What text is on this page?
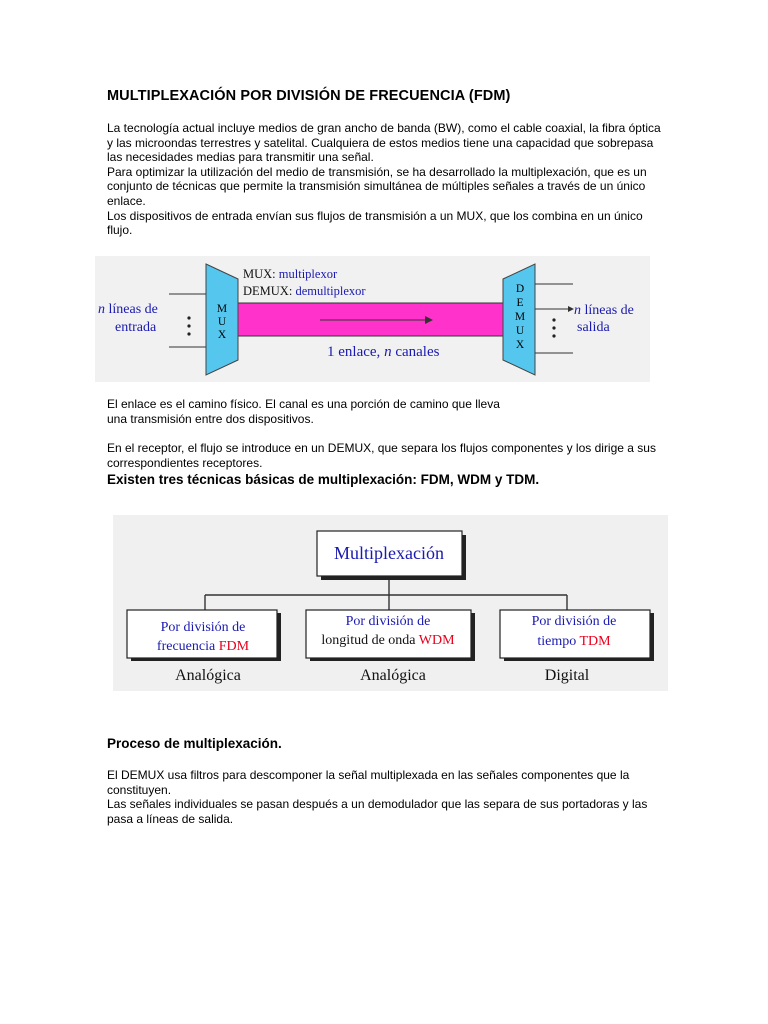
MULTIPLEXACIÓN POR DIVISIÓN DE FRECUENCIA (FDM)

La tecnología actual incluye medios de gran ancho de banda (BW), como el cable coaxial, la fibra óptica y las microondas terrestres y satelital. Cualquiera de estos medios tiene una capacidad que sobrepasa las necesidades medias para transmitir una señal.

Para optimizar la utilización del medio de transmisión, se ha desarrollado la multiplexación, que es un conjunto de técnicas que permite la transmisión simultánea de múltiples señales a través de un único enlace.

Los dispositivos de entrada envían sus flujos de transmisión a un MUX, que los combina en un único flujo.

M
U
X
D
E
M
U
X
MUX: multiplexor
DEMUX: demultiplexor
n líneas de
entrada
n líneas de
salida
1 enlace, n canales

El enlace es el camino físico. El canal es una porción de camino que lleva una transmisión entre dos dispositivos.

En el receptor, el flujo se introduce en un DEMUX, que separa los flujos componentes y los dirige a sus correspondientes receptores.

Existen tres técnicas básicas de multiplexación: FDM, WDM y TDM.
Multiplexación
Por división de
frecuencia FDM
Analógica
Por división de
longitud de onda WDM
Analógica
Por división de
tiempo TDM
Digital
Proceso de multiplexación.

El DEMUX usa filtros para descomponer la señal multiplexada en las señales componentes que la constituyen.

Las señales individuales se pasan después a un demodulador que las separa de sus portadoras y las pasa a líneas de salida.
